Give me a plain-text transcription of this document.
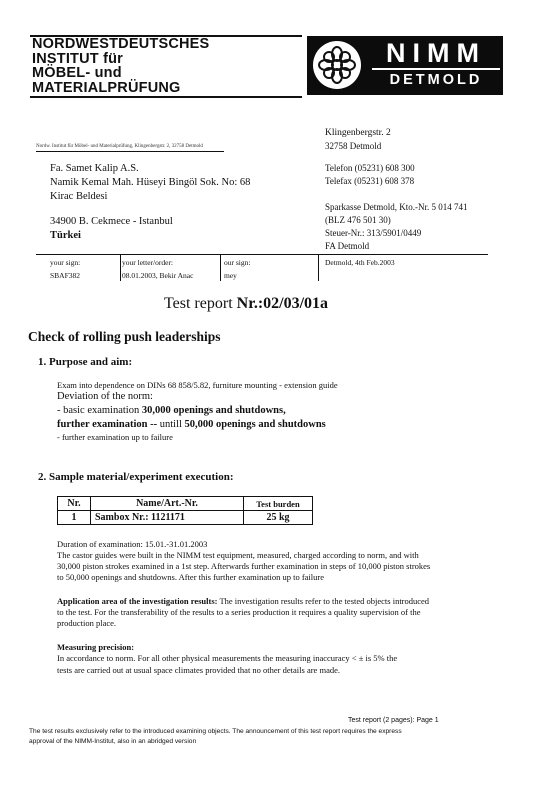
NORDWESTDEUTSCHES
INSTITUT für
MÖBEL- und
MATERIALPRÜFUNG
NIMM
DETMOLD
Nordw. Institut für Möbel- und Materialprüfung, Klingenbergstr. 2, 32758 Detmold
Fa. Samet Kalip A.S.
Namik Kemal Mah. Hüseyi Bingöl Sok. No: 68
Kirac Beldesi
34900 B. Cekmece - Istanbul
Türkei
Klingenbergstr. 2
32758 Detmold
Telefon (05231) 608 300
Telefax (05231) 608 378
Sparkasse Detmold, Kto.-Nr. 5 014 741
(BLZ 476 501 30)
Steuer-Nr.: 313/5901/0449
FA Detmold
your sign:
SBAF382
your letter/order:
08.01.2003, Bekir Anac
our sign:
mey
Detmold, 4th Feb.2003
Test report Nr.:02/03/01a
Check of rolling push leaderships
1. Purpose and aim:
Exam into dependence on DINs 68 858/5.82, furniture mounting - extension guide
Deviation of the norm:
- basic examination 30,000 openings and shutdowns,
further examination -- untill 50,000 openings and shutdowns
- further examination up to failure
2. Sample material/experiment execution:
Nr.	Name/Art.-Nr.	Test burden
1	Sambox Nr.: 1121171	25 kg
Duration of examination: 15.01.-31.01.2003
The castor guides were built in the NIMM test equipment, measured, charged according to norm, and with
30,000 piston strokes examined in a 1st step. Afterwards further examination in steps of 10,000 piston strokes
to 50,000 openings and shutdowns. After this further examination up to failure
Application area of the investigation results: The investigation results refer to the tested objects introduced
to the test. For the transferability of the results to a series production it requires a quality supervision of the
production place.
Measuring precision:
In accordance to norm. For all other physical measurements the measuring inaccuracy < ± is 5% the
tests are carried out at usual space climates provided that no other details are made.
Test report (2 pages): Page 1
The test results exclusively refer to the introduced examining objects. The announcement of this test report requires the express
approval of the NIMM-Institut, also in an abridged version
